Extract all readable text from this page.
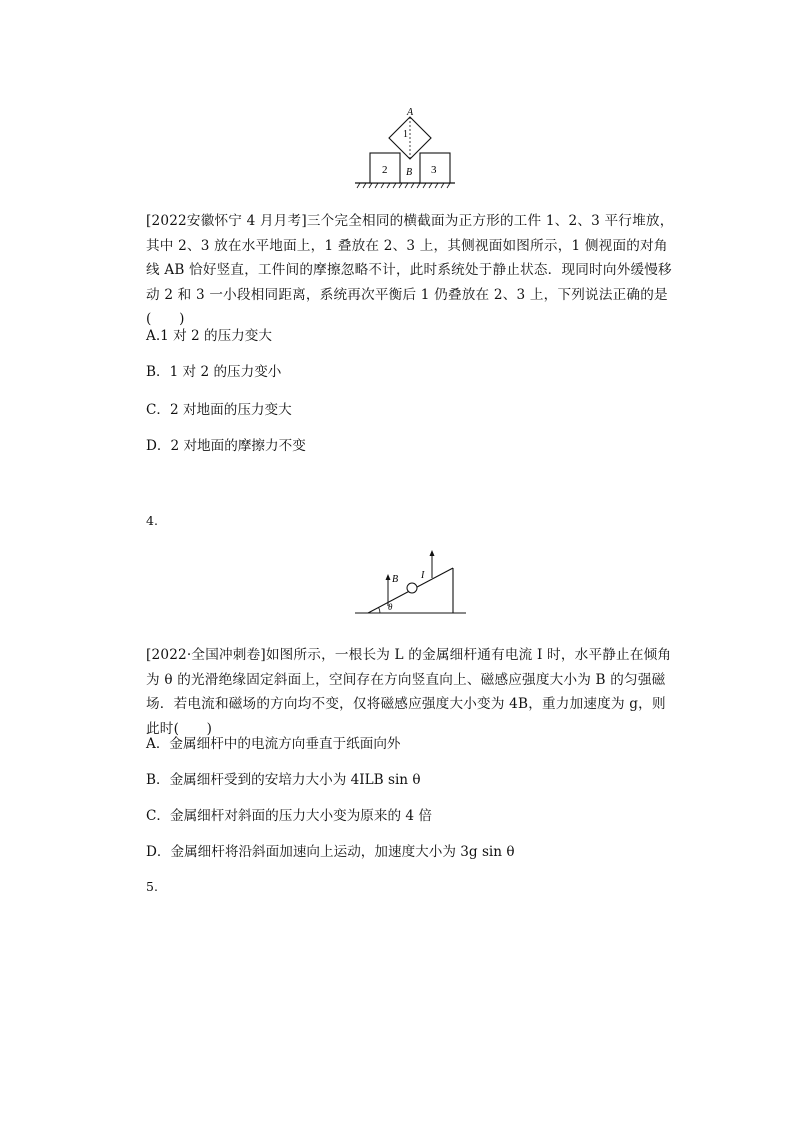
A
1
2 B 3
[2022安徽怀宁 4 月月考]三个完全相同的横截面为正方形的工件 1、2、3 平行堆放，其中 2、3 放在水平地面上，1 叠放在 2、3 上，其侧视面如图所示，1 侧视面的对角线 AB 恰好竖直，工件间的摩擦忽略不计，此时系统处于静止状态．现同时向外缓慢移动 2 和 3 一小段相同距离，系统再次平衡后 1 仍叠放在 2、3 上，下列说法正确的是(　　)
A.1 对 2 的压力变大
B．1 对 2 的压力变小
C．2 对地面的压力变大
D．2 对地面的摩擦力不变
4.
θ
B I
[2022·全国冲刺卷]如图所示，一根长为 L 的金属细杆通有电流 I 时，水平静止在倾角为 θ 的光滑绝缘固定斜面上，空间存在方向竖直向上、磁感应强度大小为 B 的匀强磁场．若电流和磁场的方向均不变，仅将磁感应强度大小变为 4B，重力加速度为 g，则此时(　　)
A．金属细杆中的电流方向垂直于纸面向外
B．金属细杆受到的安培力大小为 4ILB sin θ
C．金属细杆对斜面的压力大小变为原来的 4 倍
D．金属细杆将沿斜面加速向上运动，加速度大小为 3g sin θ
5.
